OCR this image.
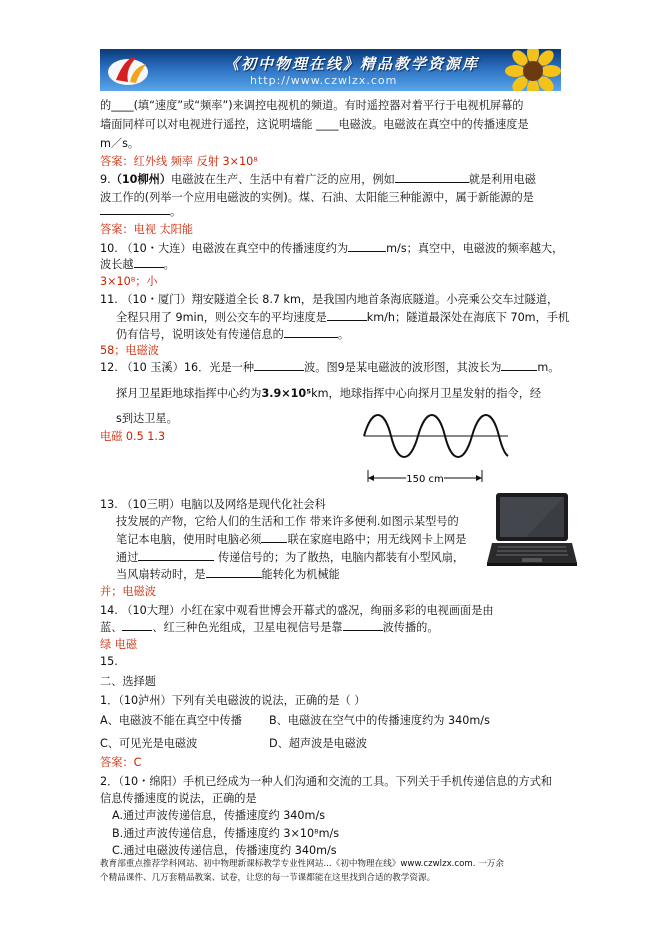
《初中物理在线》精品教学资源库
http://www.czwlzx.com
的____(填“速度”或“频率”)来调控电视机的频道。有时遥控器对着平行于电视机屏幕的
墙面同样可以对电视进行遥控，这说明墙能 ____电磁波。电磁波在真空中的传播速度是
m／s。
答案：红外线 频率 反射 3×10⁸
9.（10柳州）电磁波在生产、生活中有着广泛的应用，例如	就是利用电磁
波工作的(列举一个应用电磁波的实例)。煤、石油、太阳能三种能源中，属于新能源的是
。
答案：电视 太阳能
10. （10・大连）电磁波在真空中的传播速度约为	m/s；真空中，电磁波的频率越大，
波长越	。
3×10⁸；小
11. （10・厦门）翔安隧道全长 8.7 km，是我国内地首条海底隧道。小亮乘公交车过隧道，
全程只用了 9min，则公交车的平均速度是	km/h；隧道最深处在海底下 70m，手机
仍有信号，说明该处有传递信息的	。
58；电磁波
12. （10 玉溪）16．光是一种	波。图9是某电磁波的波形图，其波长为	m。
探月卫星距地球指挥中心约为3.9×10⁵km，地球指挥中心向探月卫星发射的指令，经
s到达卫星。
电磁 0.5 1.3
150 cm
13. （10三明）电脑以及网络是现代化社会科
技发展的产物，它给人们的生活和工作 带来许多便利.如图示某型号的
笔记本电脑，使用时电脑必须 联在家庭电路中；用无线网卡上网是
通过	传递信号的；为了散热，电脑内都装有小型风扇，
当风扇转动时，是	能转化为机械能
并；电磁波
14. （10大理）小红在家中观看世博会开幕式的盛况，绚丽多彩的电视画面是由
蓝、	、红三种色光组成，卫星电视信号是靠	波传播的。
绿 电磁
15.
二、选择题
1．（10泸州）下列有关电磁波的说法，正确的是（ ）
A、电磁波不能在真空中传播 B、电磁波在空气中的传播速度约为 340m/s
C、可见光是电磁波	D、超声波是电磁波
答案：C
2．（10・绵阳）手机已经成为一种人们沟通和交流的工具。下列关于手机传递信息的方式和
信息传播速度的说法，正确的是
A.通过声波传递信息，传播速度约 340m/s
B.通过声波传递信息，传播速度约 3×10⁸m/s
C.通过电磁波传递信息，传播速度约 340m/s
教育部重点推荐学科网站、初中物理新课标教学专业性网站...《初中物理在线》www.czwlzx.com. 一万余
个精品课件、几万套精品教案、试卷，让您的每一节课都能在这里找到合适的教学资源。
